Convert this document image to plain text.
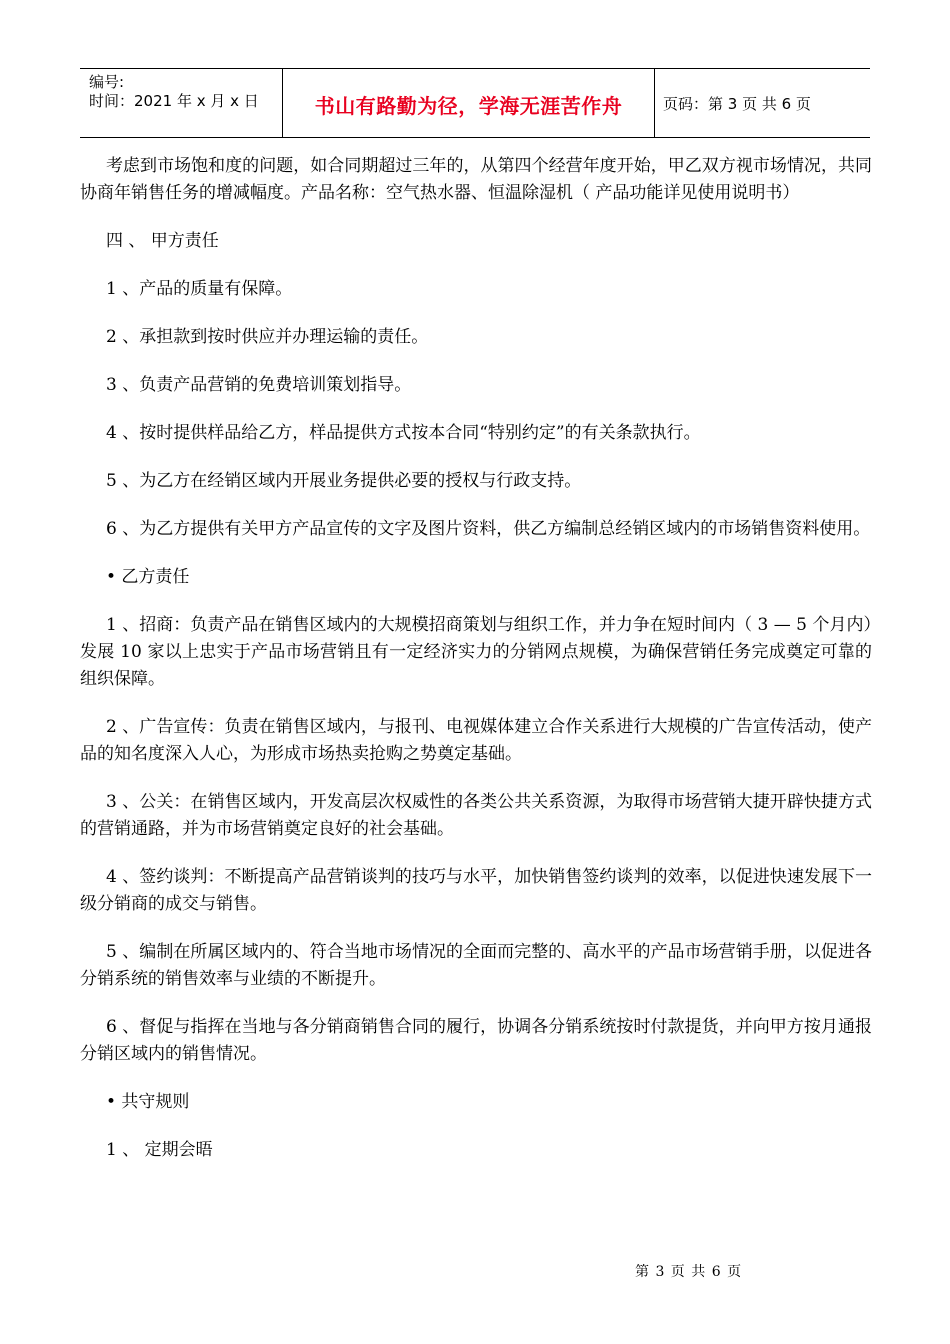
编号:
时间：2021 年 x 月 x 日	书山有路勤为径，学海无涯苦作舟	页码：第 3 页 共 6 页

考虑到市场饱和度的问题，如合同期超过三年的，从第四个经营年度开始，甲乙双方视市场情况，共同协商年销售任务的增减幅度。产品名称：空气热水器、恒温除湿机（ 产品功能详见使用说明书）

四 、 甲方责任

1 、产品的质量有保障。

2 、承担款到按时供应并办理运输的责任。

3 、负责产品营销的免费培训策划指导。

4 、按时提供样品给乙方，样品提供方式按本合同“特别约定”的有关条款执行。

5 、为乙方在经销区域内开展业务提供必要的授权与行政支持。

6 、为乙方提供有关甲方产品宣传的文字及图片资料，供乙方编制总经销区域内的市场销售资料使用。

• 乙方责任

1 、招商：负责产品在销售区域内的大规模招商策划与组织工作，并力争在短时间内（ 3 — 5 个月内）发展 10 家以上忠实于产品市场营销且有一定经济实力的分销网点规模，为确保营销任务完成奠定可靠的组织保障。

2 、广告宣传：负责在销售区域内，与报刊、电视媒体建立合作关系进行大规模的广告宣传活动，使产品的知名度深入人心，为形成市场热卖抢购之势奠定基础。

3 、公关：在销售区域内，开发高层次权威性的各类公共关系资源，为取得市场营销大捷开辟快捷方式的营销通路，并为市场营销奠定良好的社会基础。

4 、签约谈判：不断提高产品营销谈判的技巧与水平，加快销售签约谈判的效率，以促进快速发展下一级分销商的成交与销售。

5 、编制在所属区域内的、符合当地市场情况的全面而完整的、高水平的产品市场营销手册，以促进各分销系统的销售效率与业绩的不断提升。

6 、督促与指挥在当地与各分销商销售合同的履行，协调各分销系统按时付款提货，并向甲方按月通报分销区域内的销售情况。

• 共守规则

1 、 定期会晤

第 3 页 共 6 页
